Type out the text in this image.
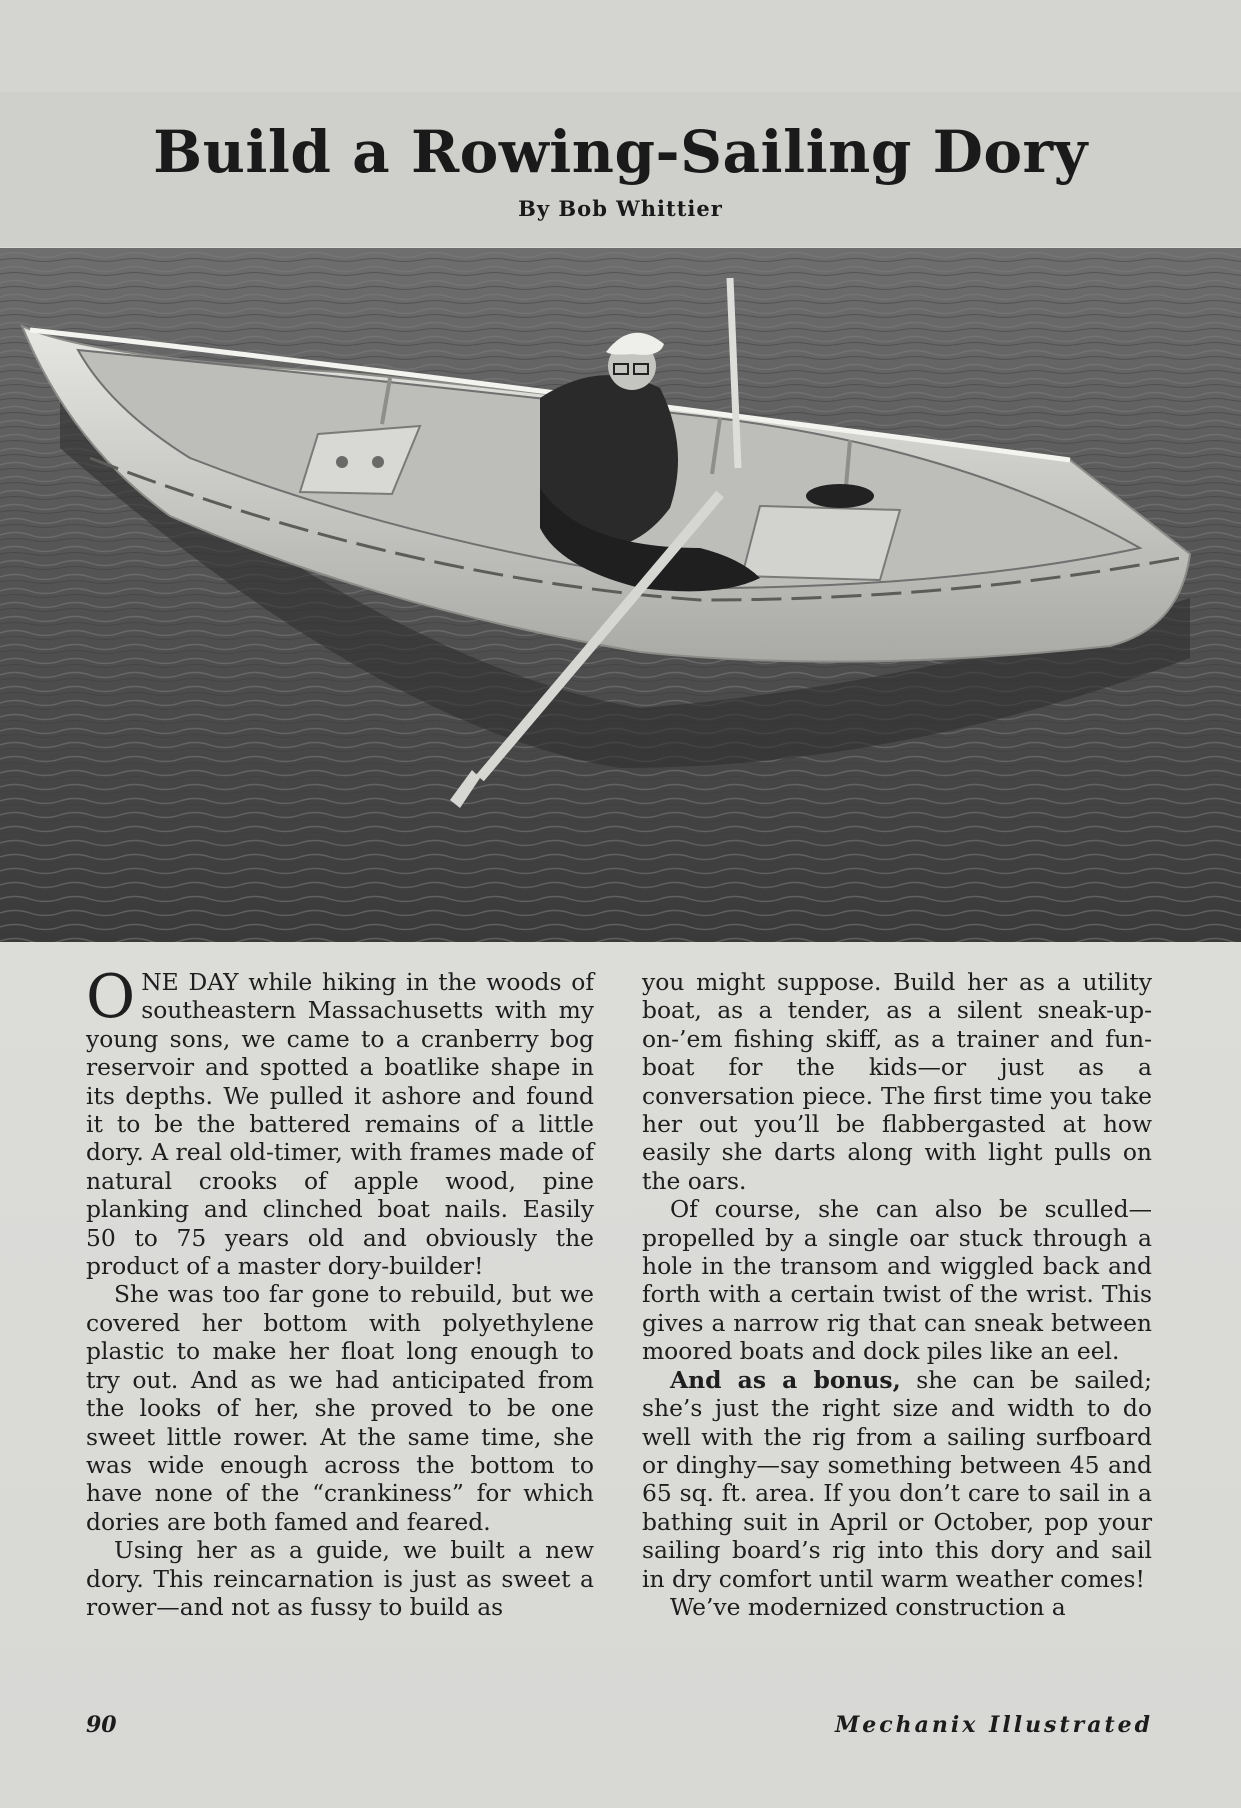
Build a Rowing-Sailing Dory
By Bob Whittier

ONE DAY while hiking in the woods of southeastern Massachusetts with my young sons, we came to a cranberry bog reservoir and spotted a boatlike shape in its depths. We pulled it ashore and found it to be the battered remains of a little dory. A real old-timer, with frames made of natural crooks of apple wood, pine planking and clinched boat nails. Easily 50 to 75 years old and obviously the product of a master dory-builder!

She was too far gone to rebuild, but we covered her bottom with polyethylene plastic to make her float long enough to try out. And as we had anticipated from the looks of her, she proved to be one sweet little rower. At the same time, she was wide enough across the bottom to have none of the “crankiness” for which dories are both famed and feared.

Using her as a guide, we built a new dory. This reincarnation is just as sweet a rower—and not as fussy to build as

you might suppose. Build her as a utility boat, as a tender, as a silent sneak-up-on-’em fishing skiff, as a trainer and fun-boat for the kids—or just as a conversation piece. The first time you take her out you’ll be flabbergasted at how easily she darts along with light pulls on the oars.

Of course, she can also be sculled—propelled by a single oar stuck through a hole in the transom and wiggled back and forth with a certain twist of the wrist. This gives a narrow rig that can sneak between moored boats and dock piles like an eel.

And as a bonus, she can be sailed; she’s just the right size and width to do well with the rig from a sailing surfboard or dinghy—say something between 45 and 65 sq. ft. area. If you don’t care to sail in a bathing suit in April or October, pop your sailing board’s rig into this dory and sail in dry comfort until warm weather comes!

We’ve modernized construction a

90	Mechanix Illustrated
